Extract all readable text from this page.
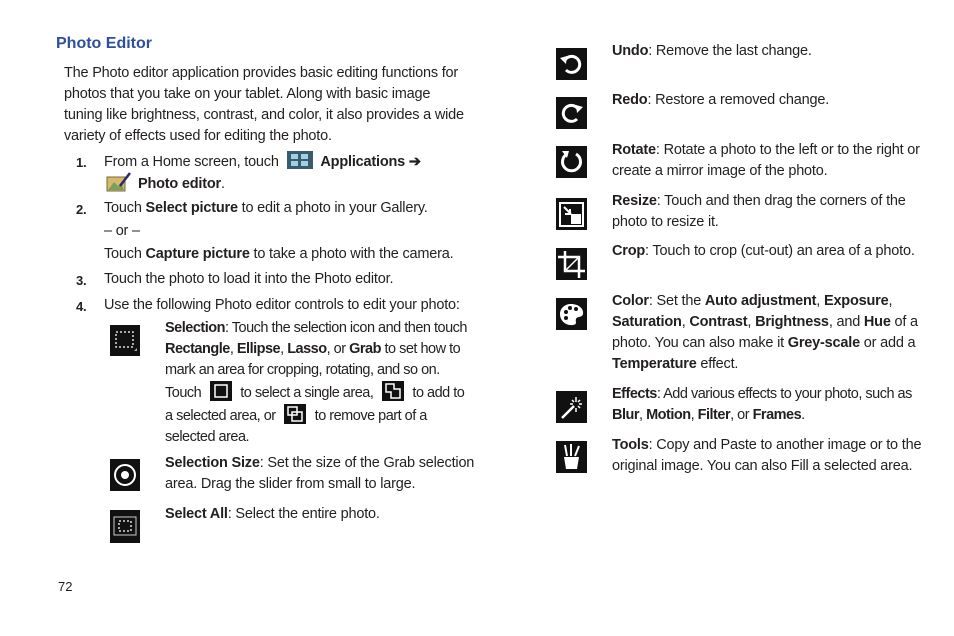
Photo Editor
The Photo editor application provides basic editing functions for photos that you take on your tablet. Along with basic image tuning like brightness, contrast, and color, it also provides a wide variety of effects used for editing the photo.
1. From a Home screen, touch	Applications ➔
Photo editor.
2. Touch Select picture to edit a photo in your Gallery.
– or –
Touch Capture picture to take a photo with the camera.
3. Touch the photo to load it into the Photo editor.
4. Use the following Photo editor controls to edit your photo:
Selection: Touch the selection icon and then touch
Rectangle, Ellipse, Lasso, or Grab to set how to
mark an area for cropping, rotating, and so on.
Touch	to select a single area,	to add to
a selected area, or	to remove part of a
selected area.
Selection Size: Set the size of the Grab selection
area. Drag the slider from small to large.
Select All: Select the entire photo.
Undo: Remove the last change.
Redo: Restore a removed change.
Rotate: Rotate a photo to the left or to the right or
create a mirror image of the photo.
Resize: Touch and then drag the corners of the
photo to resize it.
Crop: Touch to crop (cut-out) an area of a photo.
Color: Set the Auto adjustment, Exposure,
Saturation, Contrast, Brightness, and Hue of a
photo. You can also make it Grey-scale or add a
Temperature effect.
Effects: Add various effects to your photo, such as
Blur, Motion, Filter, or Frames.
Tools: Copy and Paste to another image or to the
original image. You can also Fill a selected area.
72
